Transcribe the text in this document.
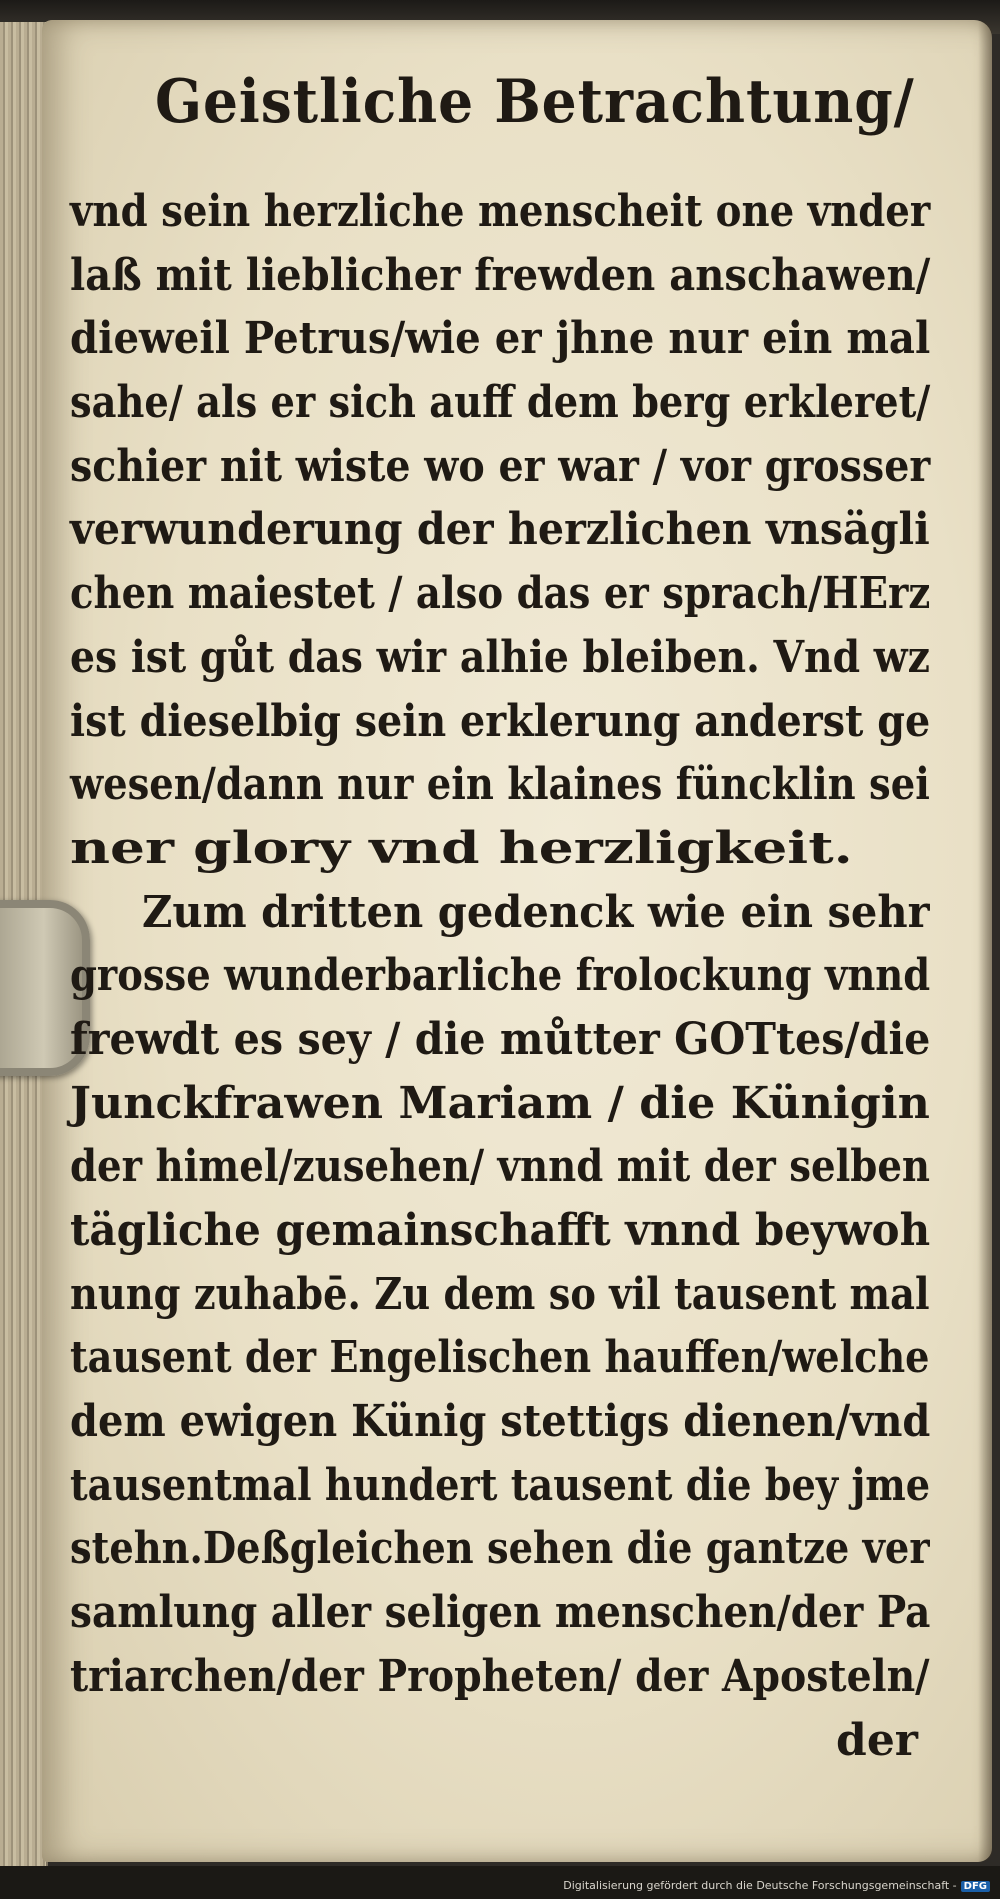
Geistliche Betrachtung/
vnd sein herzliche menscheit one vnder
laß mit lieblicher frewden anschawen/
dieweil Petrus/wie er jhne nur ein mal
sahe/ als er sich auff dem berg erkleret/
schier nit wiste wo er war / vor grosser
verwunderung der herzlichen vnsägli
chen maiestet / also das er sprach/HErz
es ist gůt das wir alhie bleiben. Vnd wz
ist dieselbig sein erklerung anderst ge
wesen/dann nur ein klaines füncklin sei
ner glory vnd herzligkeit.
Zum dritten gedenck wie ein sehr
grosse wunderbarliche frolockung vnnd
frewdt es sey / die můtter GOTtes/die
Junckfrawen Mariam / die Künigin
der himel/zusehen/ vnnd mit der selben
tägliche gemainschafft vnnd beywoh
nung zuhabē. Zu dem so vil tausent mal
tausent der Engelischen hauffen/welche
dem ewigen Künig stettigs dienen/vnd
tausentmal hundert tausent die bey jme
stehn.Deßgleichen sehen die gantze ver
samlung aller seligen menschen/der Pa
triarchen/der Propheten/ der Aposteln/
der
Digitalisierung gefördert durch die Deutsche Forschungsgemeinschaft - DFG
